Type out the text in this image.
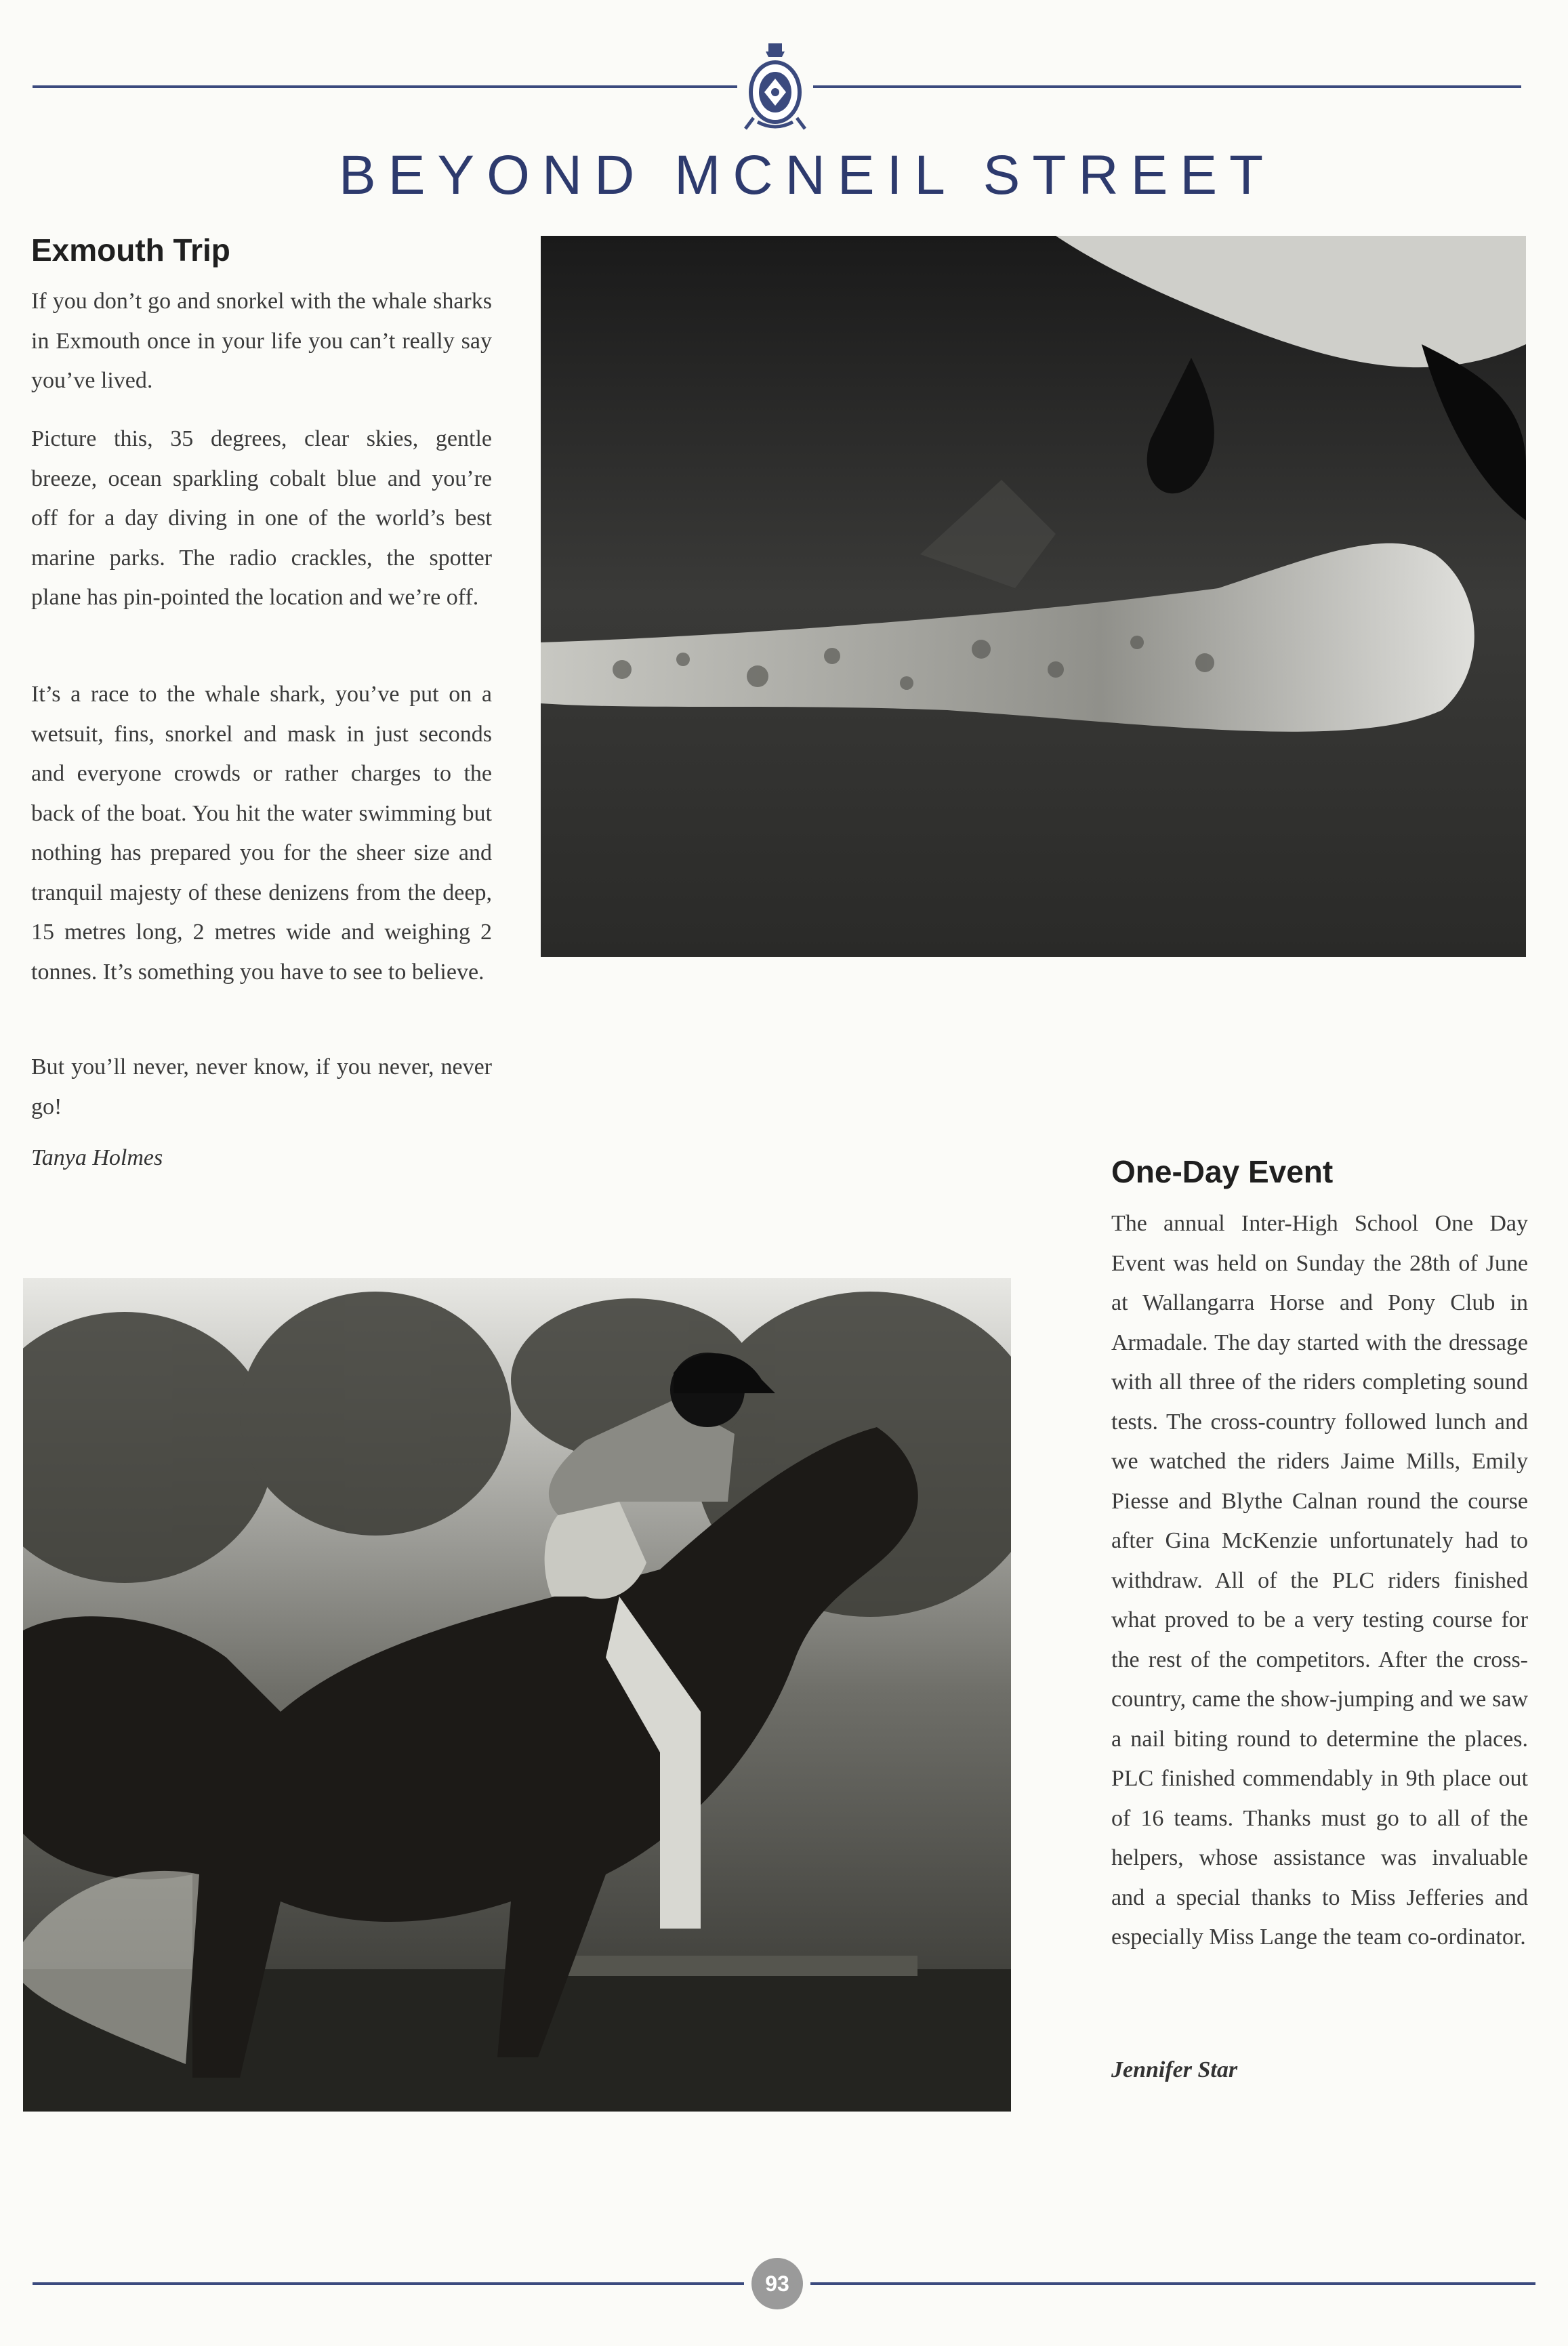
BEYOND MCNEIL STREET
Exmouth Trip

If you don’t go and snorkel with the whale sharks in Exmouth once in your life you can’t really say you’ve lived.

Picture this, 35 degrees, clear skies, gentle breeze, ocean sparkling cobalt blue and you’re off for a day diving in one of the world’s best marine parks. The radio crackles, the spotter plane has pin-pointed the location and we’re off.

It’s a race to the whale shark, you’ve put on a wetsuit, fins, snorkel and mask in just seconds and everyone crowds or rather charges to the back of the boat. You hit the water swimming but nothing has prepared you for the sheer size and tranquil majesty of these denizens from the deep, 15 metres long, 2 metres wide and weighing 2 tonnes. It’s something you have to see to believe.

But you’ll never, never know, if you never, never go!

Tanya Holmes	One-Day Event

The annual Inter-High School One Day Event was held on Sunday the 28th of June at Wallangarra Horse and Pony Club in Armadale. The day started with the dressage with all three of the riders completing sound tests. The cross-country followed lunch and we watched the riders Jaime Mills, Emily Piesse and Blythe Calnan round the course after Gina McKenzie unfortunately had to withdraw. All of the PLC riders finished what proved to be a very testing course for the rest of the competitors. After the cross-country, came the show-jumping and we saw a nail biting round to determine the places. PLC finished commendably in 9th place out of 16 teams. Thanks must go to all of the helpers, whose assistance was invaluable and a special thanks to Miss Jefferies and especially Miss Lange the team co-ordinator.

Jennifer Star

93
